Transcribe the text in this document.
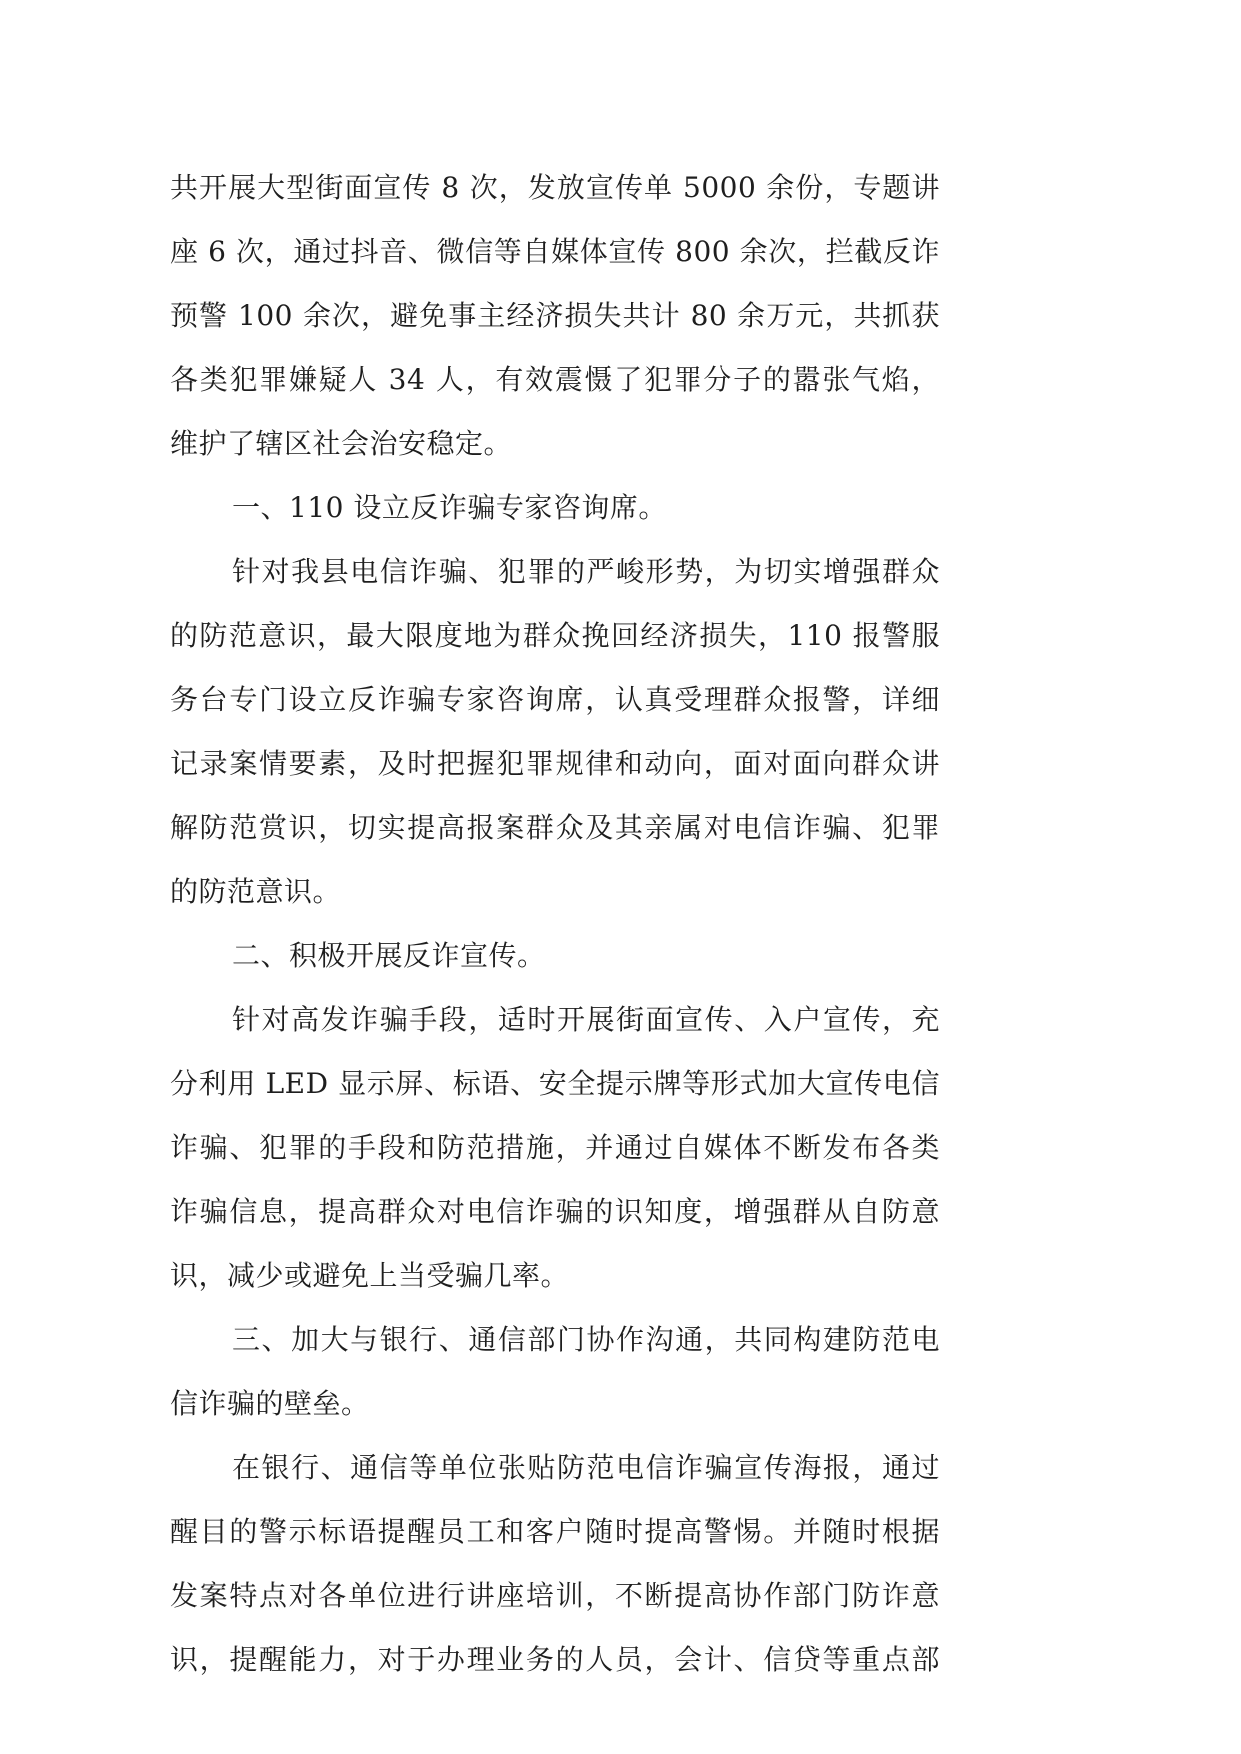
共开展大型街面宣传 8 次，发放宣传单 5000 余份，专题讲
座 6 次，通过抖音、微信等自媒体宣传 800 余次，拦截反诈
预警 100 余次，避免事主经济损失共计 80 余万元，共抓获
各类犯罪嫌疑人 34 人，有效震慑了犯罪分子的嚣张气焰，
维护了辖区社会治安稳定。
一、110 设立反诈骗专家咨询席。
针对我县电信诈骗、犯罪的严峻形势，为切实增强群众
的防范意识，最大限度地为群众挽回经济损失，110 报警服
务台专门设立反诈骗专家咨询席，认真受理群众报警，详细
记录案情要素，及时把握犯罪规律和动向，面对面向群众讲
解防范赏识，切实提高报案群众及其亲属对电信诈骗、犯罪
的防范意识。
二、积极开展反诈宣传。
针对高发诈骗手段，适时开展街面宣传、入户宣传，充
分利用 LED 显示屏、标语、安全提示牌等形式加大宣传电信
诈骗、犯罪的手段和防范措施，并通过自媒体不断发布各类
诈骗信息，提高群众对电信诈骗的识知度，增强群从自防意
识，减少或避免上当受骗几率。
三、加大与银行、通信部门协作沟通，共同构建防范电
信诈骗的壁垒。
在银行、通信等单位张贴防范电信诈骗宣传海报，通过
醒目的警示标语提醒员工和客户随时提高警惕。并随时根据
发案特点对各单位进行讲座培训，不断提高协作部门防诈意
识，提醒能力，对于办理业务的人员，会计、信贷等重点部
